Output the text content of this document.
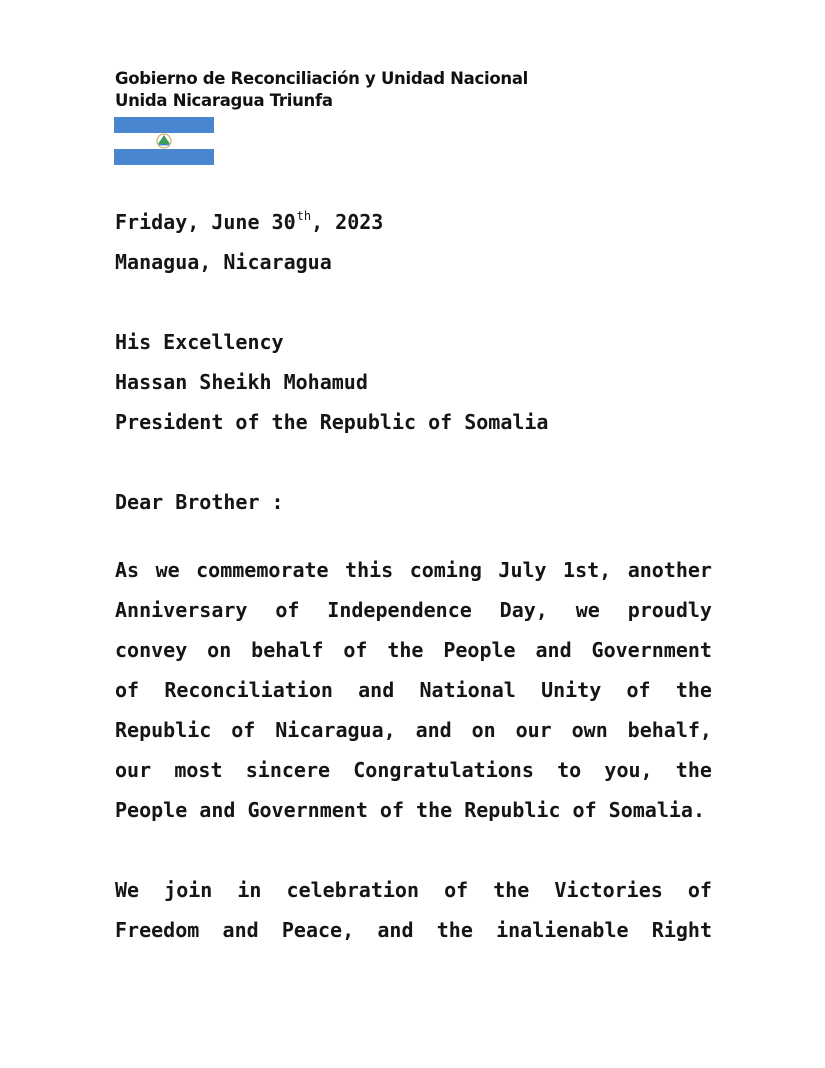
Gobierno de Reconciliación y Unidad Nacional
Unida Nicaragua Triunfa
Friday, June 30th, 2023
Managua, Nicaragua
His Excellency
Hassan Sheikh Mohamud
President of the Republic of Somalia
Dear Brother :
As we commemorate this coming July 1st, another
Anniversary of Independence Day, we proudly
convey on behalf of the People and Government
of Reconciliation and National Unity of the
Republic of Nicaragua, and on our own behalf,
our most sincere Congratulations to you, the
People and Government of the Republic of Somalia.
We join in celebration of the Victories of
Freedom and Peace, and the inalienable Right
